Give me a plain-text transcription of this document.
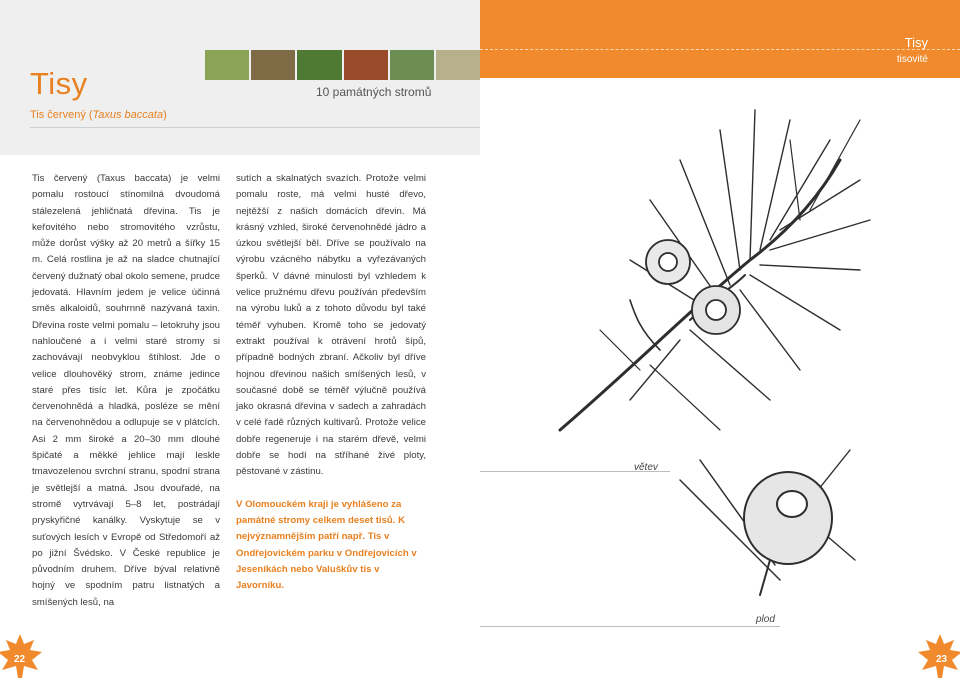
Tisy
tisovité
Tisy	10 památných stromů
Tis červený (Taxus baccata)
Tis červený (Taxus baccata) je velmi pomalu rostoucí stínomilná dvoudomá stálezelená jehličnatá dřevina. Tis je keřovitého nebo stromovitého vzrůstu, může dorůst výšky až 20 metrů a šířky 15 m. Celá rostlina je až na sladce chutnající červený dužnatý obal okolo semene, prudce jedovatá. Hlavním jedem je velice účinná směs alkaloidů, souhrnně nazývaná taxin. Dřevina roste velmi pomalu – letokruhy jsou nahloučené a i velmi staré stromy si zachovávají neobvyklou štíhlost. Jde o velice dlouhověký strom, známe jedince staré přes tisíc let. Kůra je zpočátku červenohnědá a hladká, posléze se mění na červenohnědou a odlupuje se v plátcích. Asi 2 mm široké a 20–30 mm dlouhé špičaté a měkké jehlice mají leskle tmavozelenou svrchní stranu, spodní strana je světlejší a matná. Jsou dvouřadé, na stromě vytrvávají 5–8 let, postrádají pryskyřičné kanálky. Vyskytuje se v suťových lesích v Evropě od Středomoří až po jižní Švédsko. V České republice je původním druhem. Dříve býval relativně hojný ve spodním patru listnatých a smíšených lesů, na
sutích a skalnatých svazích. Protože velmi pomalu roste, má velmi husté dřevo, nejtěžší z našich domácích dřevin. Má krásný vzhled, široké červenohnědé jádro a úzkou světlejší běl. Dříve se používalo na výrobu vzácného nábytku a vyřezávaných šperků. V dávné minulosti byl vzhledem k velice pružnému dřevu používán především na výrobu luků a z tohoto důvodu byl také téměř vyhuben. Kromě toho se jedovatý extrakt používal k otrávení hrotů šípů, případně bodných zbraní. Ačkoliv byl dříve hojnou dřevinou našich smíšených lesů, v současné době se téměř výlučně používá jako okrasná dřevina v sadech a zahradách v celé řadě různých kultivarů. Protože velice dobře regeneruje i na starém dřevě, velmi dobře se hodí na stříhané živé ploty, pěstované v zástinu.
V Olomouckém kraji je vyhlášeno za památné stromy celkem deset tisů. K nejvýznamnějším patří např. Tis v Ondřejovickém parku v Ondřejovicích v Jeseníkách nebo Valuškův tis v Javorníku.
větev
plod
22	23
